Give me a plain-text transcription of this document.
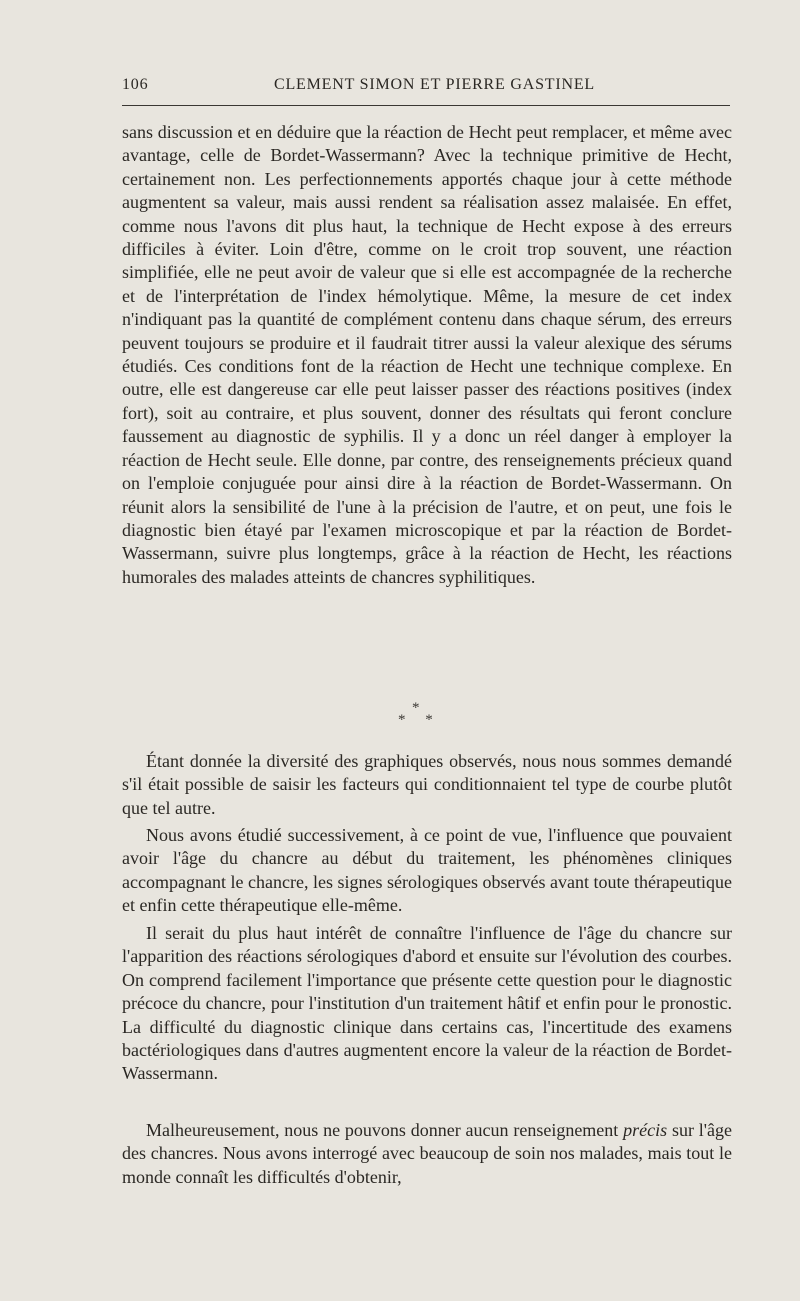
106	CLEMENT SIMON ET PIERRE GASTINEL

sans discussion et en déduire que la réaction de Hecht peut remplacer, et même avec avantage, celle de Bordet-Wassermann? Avec la technique primitive de Hecht, certainement non. Les perfectionnements apportés chaque jour à cette méthode augmentent sa valeur, mais aussi rendent sa réalisation assez malaisée. En effet, comme nous l'avons dit plus haut, la technique de Hecht expose à des erreurs difficiles à éviter. Loin d'être, comme on le croit trop souvent, une réaction simplifiée, elle ne peut avoir de valeur que si elle est accompagnée de la recherche et de l'interprétation de l'index hémolytique. Même, la mesure de cet index n'indiquant pas la quantité de complément contenu dans chaque sérum, des erreurs peuvent toujours se produire et il faudrait titrer aussi la valeur alexique des sérums étudiés. Ces conditions font de la réaction de Hecht une technique complexe. En outre, elle est dangereuse car elle peut laisser passer des réactions positives (index fort), soit au contraire, et plus souvent, donner des résultats qui feront conclure faussement au diagnostic de syphilis. Il y a donc un réel danger à employer la réaction de Hecht seule. Elle donne, par contre, des renseignements précieux quand on l'emploie conjuguée pour ainsi dire à la réaction de Bordet-Wassermann. On réunit alors la sensibilité de l'une à la précision de l'autre, et on peut, une fois le diagnostic bien étayé par l'examen microscopique et par la réaction de Bordet-Wassermann, suivre plus longtemps, grâce à la réaction de Hecht, les réactions humorales des malades atteints de chancres syphilitiques.

*
* *

Étant donnée la diversité des graphiques observés, nous nous sommes demandé s'il était possible de saisir les facteurs qui conditionnaient tel type de courbe plutôt que tel autre.

Nous avons étudié successivement, à ce point de vue, l'influence que pouvaient avoir l'âge du chancre au début du traitement, les phénomènes cliniques accompagnant le chancre, les signes sérologiques observés avant toute thérapeutique et enfin cette thérapeutique elle-même.

Il serait du plus haut intérêt de connaître l'influence de l'âge du chancre sur l'apparition des réactions sérologiques d'abord et ensuite sur l'évolution des courbes. On comprend facilement l'importance que présente cette question pour le diagnostic précoce du chancre, pour l'institution d'un traitement hâtif et enfin pour le pronostic. La difficulté du diagnostic clinique dans certains cas, l'incertitude des examens bactériologiques dans d'autres augmentent encore la valeur de la réaction de Bordet-Wassermann.

Malheureusement, nous ne pouvons donner aucun renseignement précis sur l'âge des chancres. Nous avons interrogé avec beaucoup de soin nos malades, mais tout le monde connaît les difficultés d'obtenir,
